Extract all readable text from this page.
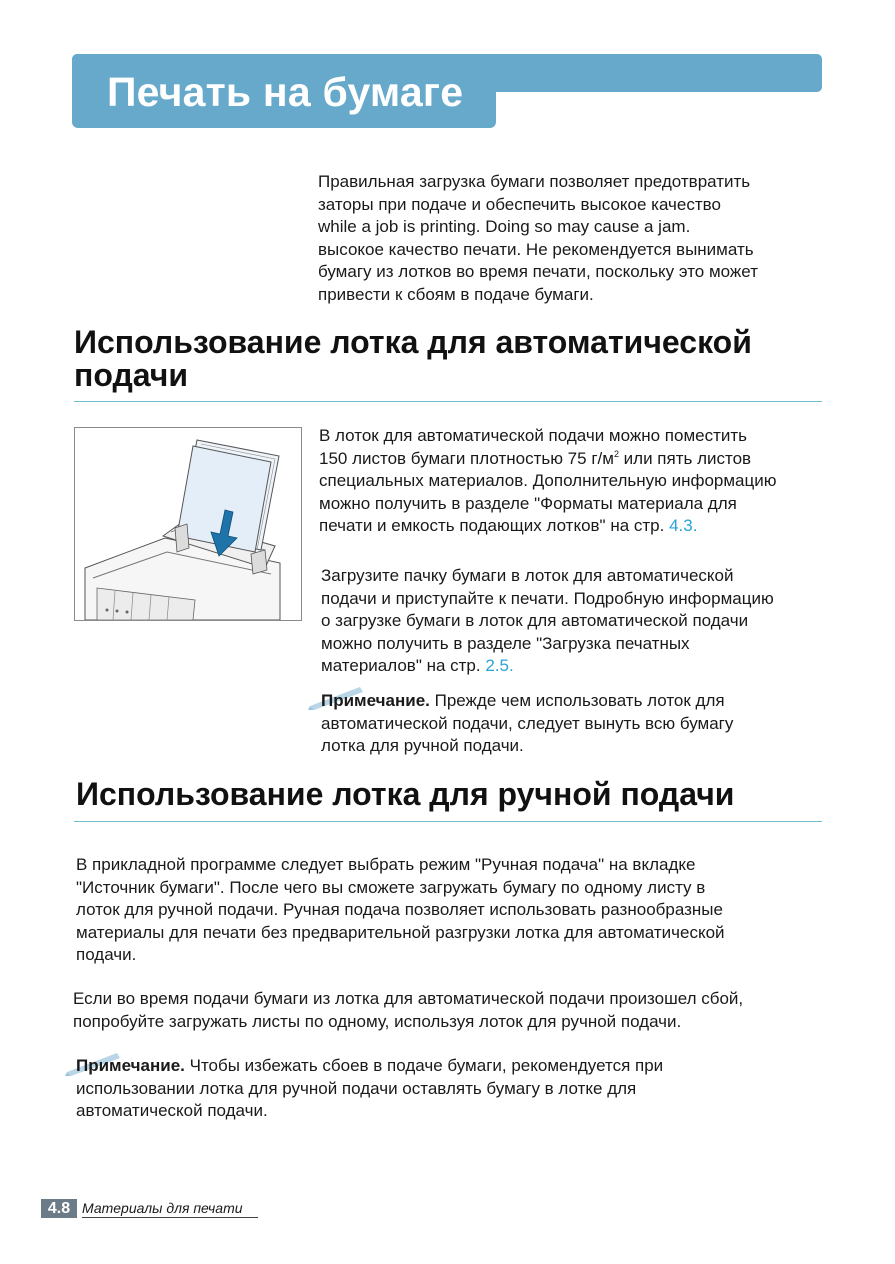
Печать на бумаге
Правильная загрузка бумаги позволяет предотвратить
заторы при подаче и обеспечить высокое качество
while a job is printing. Doing so may cause a jam.
высокое качество печати. Не рекомендуется вынимать
бумагу из лотков во время печати, поскольку это может
привести к сбоям в подаче бумаги.
Использование лотка для автоматической
подачи
В лоток для автоматической подачи можно поместить
150 листов бумаги плотностью 75 $г/м^2$ или пять листов
специальных материалов. Дополнительную информацию
можно получить в разделе "Форматы материала для
печати и емкость подающих лотков" на стр. 4.3.
Загрузите пачку бумаги в лоток для автоматической
подачи и приступайте к печати. Подробную информацию
о загрузке бумаги в лоток для автоматической подачи
можно получить в разделе "Загрузка печатных
материалов" на стр. 2.5.
Примечание. Прежде чем использовать лоток для
автоматической подачи, следует вынуть всю бумагу
лотка для ручной подачи.
Использование лотка для ручной подачи
В прикладной программе следует выбрать режим "Ручная подача" на вкладке
"Источник бумаги". После чего вы сможете загружать бумагу по одному листу в
лоток для ручной подачи. Ручная подача позволяет использовать разнообразные
материалы для печати без предварительной разгрузки лотка для автоматической
подачи.
Если во время подачи бумаги из лотка для автоматической подачи произошел сбой,
попробуйте загружать листы по одному, используя лоток для ручной подачи.
Примечание. Чтобы избежать сбоев в подаче бумаги, рекомендуется при
использовании лотка для ручной подачи оставлять бумагу в лотке для
автоматической подачи.
4.8 Материалы для печати
